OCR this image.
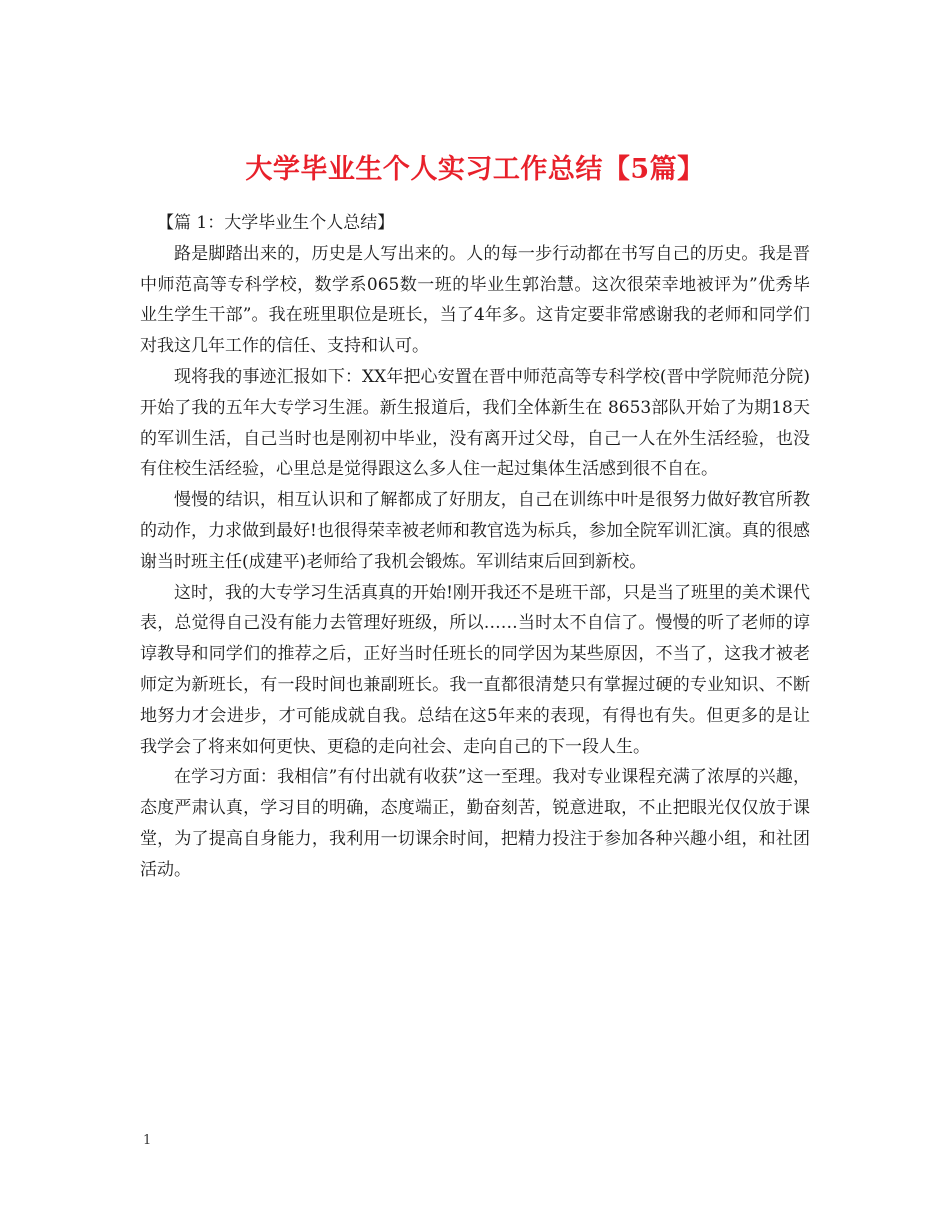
大学毕业生个人实习工作总结【5篇】

【篇 1：大学毕业生个人总结】

路是脚踏出来的，历史是人写出来的。人的每一步行动都在书写自己的历史。我是晋中师范高等专科学校，数学系065数一班的毕业生郭治慧。这次很荣幸地被评为”优秀毕业生学生干部”。我在班里职位是班长，当了4年多。这肯定要非常感谢我的老师和同学们对我这几年工作的信任、支持和认可。

现将我的事迹汇报如下：XX年把心安置在晋中师范高等专科学校(晋中学院师范分院)开始了我的五年大专学习生涯。新生报道后，我们全体新生在 8653部队开始了为期18天的军训生活，自己当时也是刚初中毕业，没有离开过父母，自己一人在外生活经验，也没有住校生活经验，心里总是觉得跟这么多人住一起过集体生活感到很不自在。

慢慢的结识，相互认识和了解都成了好朋友，自己在训练中叶是很努力做好教官所教的动作，力求做到最好!也很得荣幸被老师和教官选为标兵，参加全院军训汇演。真的很感谢当时班主任(成建平)老师给了我机会锻炼。军训结束后回到新校。

这时，我的大专学习生活真真的开始!刚开我还不是班干部，只是当了班里的美术课代表，总觉得自己没有能力去管理好班级，所以……当时太不自信了。慢慢的听了老师的谆谆教导和同学们的推荐之后，正好当时任班长的同学因为某些原因，不当了，这我才被老师定为新班长，有一段时间也兼副班长。我一直都很清楚只有掌握过硬的专业知识、不断地努力才会进步，才可能成就自我。总结在这5年来的表现，有得也有失。但更多的是让我学会了将来如何更快、更稳的走向社会、走向自己的下一段人生。

在学习方面：我相信”有付出就有收获”这一至理。我对专业课程充满了浓厚的兴趣，态度严肃认真，学习目的明确，态度端正，勤奋刻苦，锐意进取，不止把眼光仅仅放于课堂，为了提高自身能力，我利用一切课余时间，把精力投注于参加各种兴趣小组，和社团活动。

1
